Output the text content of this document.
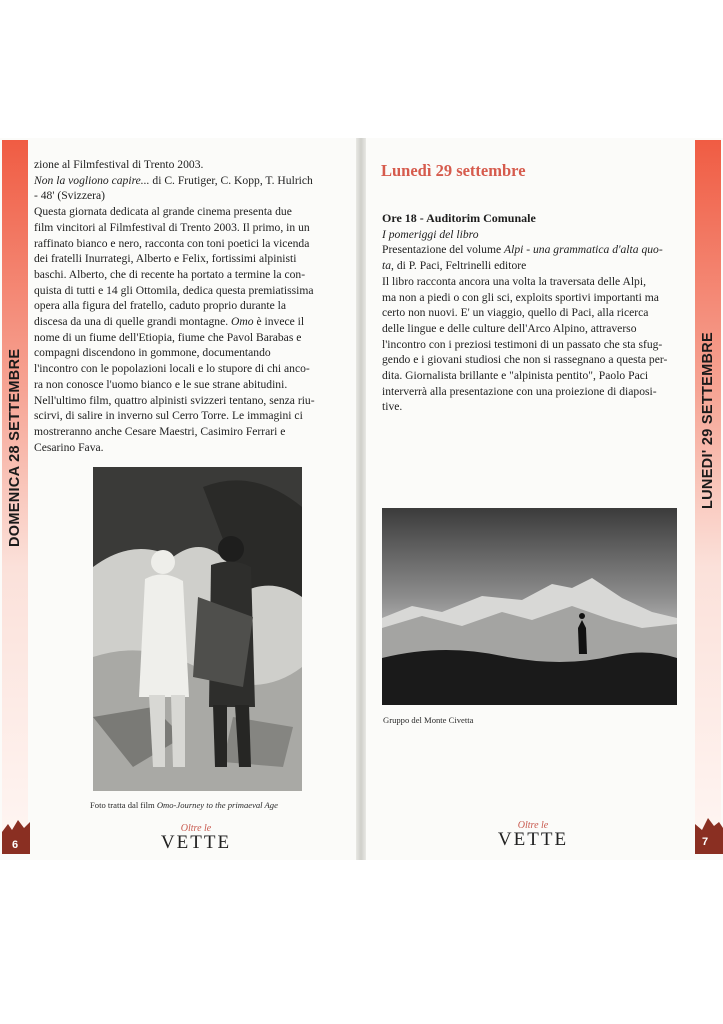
DOMENICA 28 SETTEMBRE	LUNEDI' 29 SETTEMBRE

zione al Filmfestival di Trento 2003.

Non la vogliono capire... di C. Frutiger, C. Kopp, T. Hulrich

- 48' (Svizzera)

Questa giornata dedicata al grande cinema presenta due

film vincitori al Filmfestival di Trento 2003. Il primo, in un

raffinato bianco e nero, racconta con toni poetici la vicenda

dei fratelli Inurrategi, Alberto e Felix, fortissimi alpinisti

baschi. Alberto, che di recente ha portato a termine la con-

quista di tutti e 14 gli Ottomila, dedica questa premiatissima

opera alla figura del fratello, caduto proprio durante la

discesa da una di quelle grandi montagne. Omo è invece il

nome di un fiume dell'Etiopia, fiume che Pavol Barabas e

compagni discendono in gommone, documentando

l'incontro con le popolazioni locali e lo stupore di chi anco-

ra non conosce l'uomo bianco e le sue strane abitudini.

Nell'ultimo film, quattro alpinisti svizzeri tentano, senza riu-

scirvi, di salire in inverno sul Cerro Torre. Le immagini ci

mostreranno anche Cesare Maestri, Casimiro Ferrari e

Cesarino Fava.

Foto tratta dal film Omo-Journey to the primaeval Age

Oltre le
VETTE
6
Lunedì 29 settembre

Ore 18 - Auditorim Comunale

I pomeriggi del libro

Presentazione del volume Alpi - una grammatica d'alta quo-

ta, di P. Paci, Feltrinelli editore

Il libro racconta ancora una volta la traversata delle Alpi,

ma non a piedi o con gli sci, exploits sportivi importanti ma

certo non nuovi. E' un viaggio, quello di Paci, alla ricerca

delle lingue e delle culture dell'Arco Alpino, attraverso

l'incontro con i preziosi testimoni di un passato che sta sfug-

gendo e i giovani studiosi che non si rassegnano a questa per-

dita. Giornalista brillante e "alpinista pentito", Paolo Paci

interverrà alla presentazione con una proiezione di diaposi-

tive.

Gruppo del Monte Civetta

Oltre le
VETTE	7
